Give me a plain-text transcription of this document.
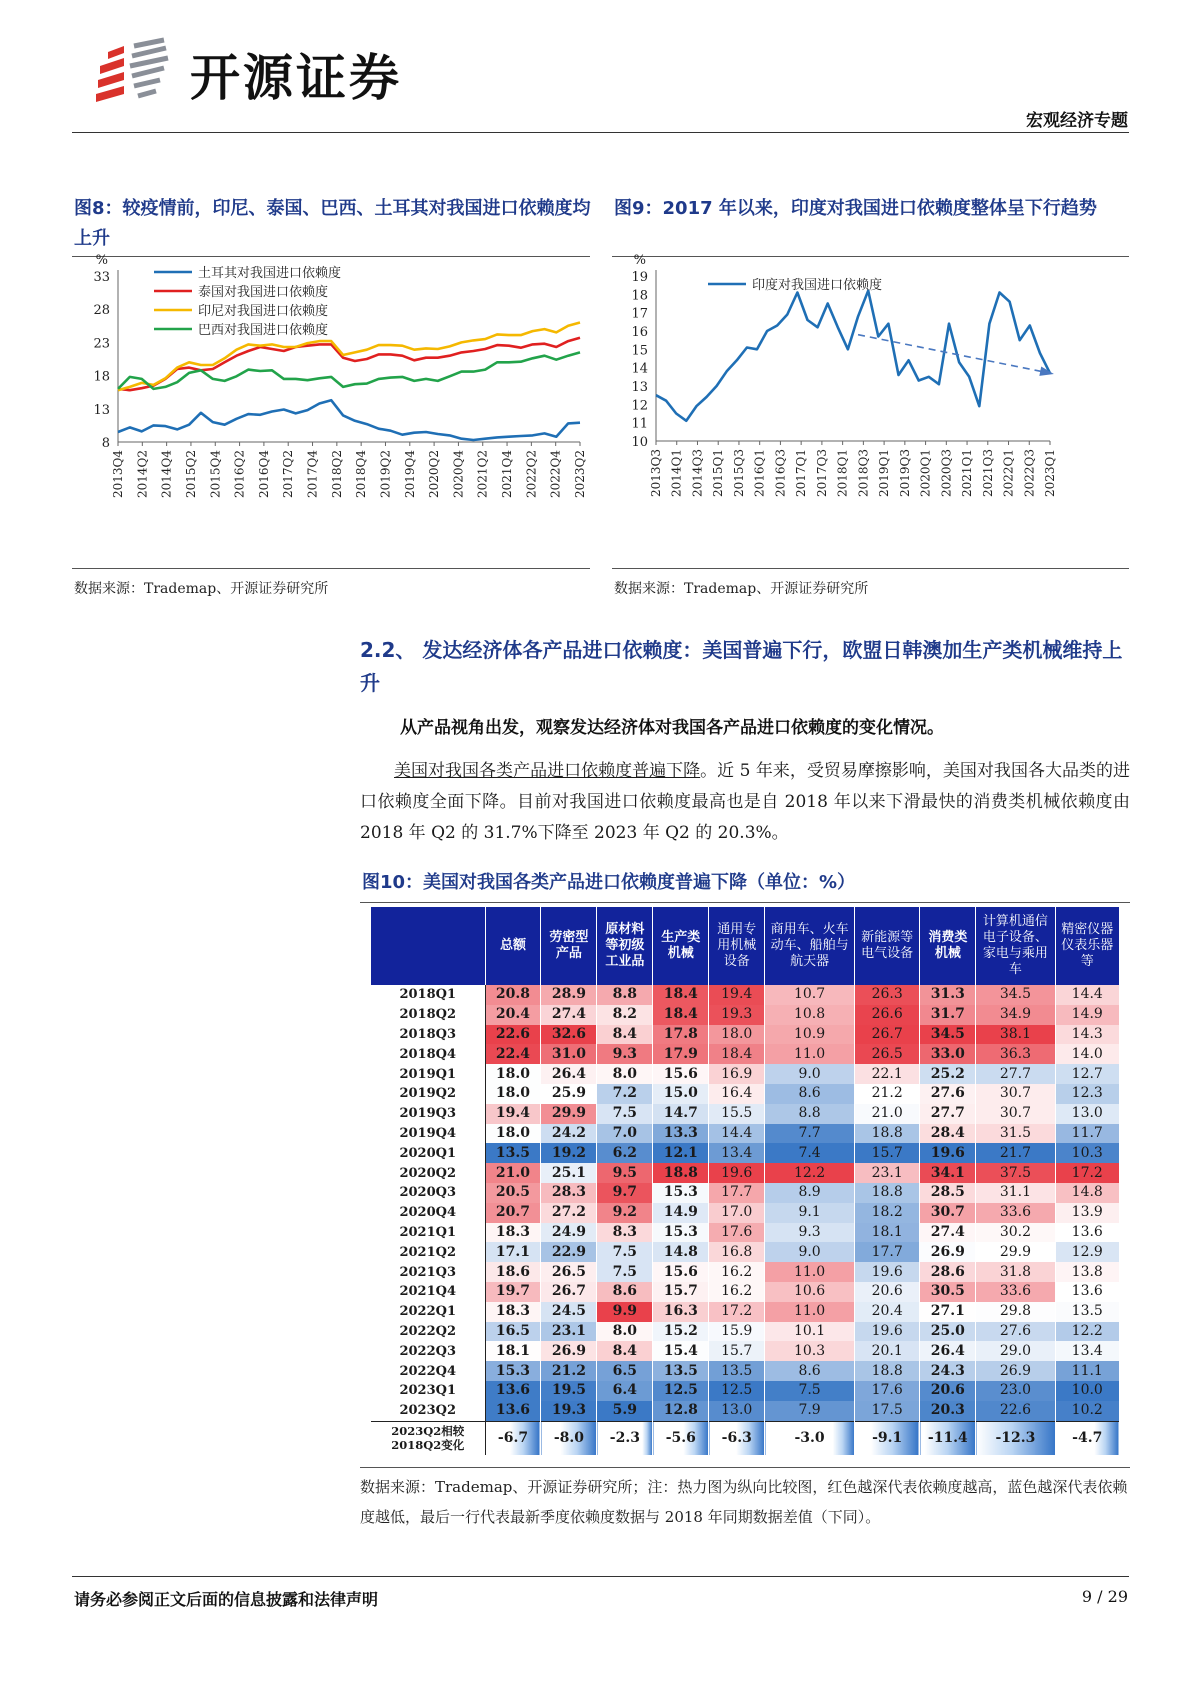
开源证券
宏观经济专题
图8：较疫情前，印尼、泰国、巴西、土耳其对我国进口依赖度均上升
%
8
13
18
23
28
33
2013Q4 2014Q2 2014Q4 2015Q2 2015Q4 2016Q2 2016Q4 2017Q2 2017Q4 2018Q2 2018Q4 2019Q2 2019Q4 2020Q2 2020Q4 2021Q2 2021Q4 2022Q2 2022Q4 2023Q2
土耳其对我国进口依赖度
泰国对我国进口依赖度
印尼对我国进口依赖度
巴西对我国进口依赖度
数据来源：Trademap、开源证券研究所
图9：2017 年以来，印度对我国进口依赖度整体呈下行趋势
%
10
11
12
13
14
15
16
17
18
19
2013Q3 2014Q1 2014Q3 2015Q1 2015Q3 2016Q1 2016Q3 2017Q1 2017Q3 2018Q1 2018Q3 2019Q1 2019Q3 2020Q1 2020Q3 2021Q1 2021Q3 2022Q1 2022Q3 2023Q1
印度对我国进口依赖度
数据来源：Trademap、开源证券研究所
2.2、 发达经济体各产品进口依赖度：美国普遍下行，欧盟日韩澳加生产类机械维持上升
从产品视角出发，观察发达经济体对我国各产品进口依赖度的变化情况。
美国对我国各类产品进口依赖度普遍下降。近 5 年来，受贸易摩擦影响，美国对我国各大品类的进口依赖度全面下降。目前对我国进口依赖度最高也是自 2018 年以来下滑最快的消费类机械依赖度由 2018 年 Q2 的 31.7%下降至 2023 年 Q2 的 20.3%。
图10：美国对我国各类产品进口依赖度普遍下降（单位：%）
	总额	劳密型产品	原材料等初级工业品	生产类机械	通用专用机械设备	商用车、火车动车、船舶与航天器	新能源等电气设备	消费类机械	计算机通信电子设备、家电与乘用车	精密仪器仪表乐器等
2018Q1	20.8	28.9	8.8	18.4	19.4	10.7	26.3	31.3	34.5	14.4
2018Q2	20.4	27.4	8.2	18.4	19.3	10.8	26.6	31.7	34.9	14.9
2018Q3	22.6	32.6	8.4	17.8	18.0	10.9	26.7	34.5	38.1	14.3
2018Q4	22.4	31.0	9.3	17.9	18.4	11.0	26.5	33.0	36.3	14.0
2019Q1	18.0	26.4	8.0	15.6	16.9	9.0	22.1	25.2	27.7	12.7
2019Q2	18.0	25.9	7.2	15.0	16.4	8.6	21.2	27.6	30.7	12.3
2019Q3	19.4	29.9	7.5	14.7	15.5	8.8	21.0	27.7	30.7	13.0
2019Q4	18.0	24.2	7.0	13.3	14.4	7.7	18.8	28.4	31.5	11.7
2020Q1	13.5	19.2	6.2	12.1	13.4	7.4	15.7	19.6	21.7	10.3
2020Q2	21.0	25.1	9.5	18.8	19.6	12.2	23.1	34.1	37.5	17.2
2020Q3	20.5	28.3	9.7	15.3	17.7	8.9	18.8	28.5	31.1	14.8
2020Q4	20.7	27.2	9.2	14.9	17.0	9.1	18.2	30.7	33.6	13.9
2021Q1	18.3	24.9	8.3	15.3	17.6	9.3	18.1	27.4	30.2	13.6
2021Q2	17.1	22.9	7.5	14.8	16.8	9.0	17.7	26.9	29.9	12.9
2021Q3	18.6	26.5	7.5	15.6	16.2	11.0	19.6	28.6	31.8	13.8
2021Q4	19.7	26.7	8.6	15.7	16.2	10.6	20.6	30.5	33.6	13.6
2022Q1	18.3	24.5	9.9	16.3	17.2	11.0	20.4	27.1	29.8	13.5
2022Q2	16.5	23.1	8.0	15.2	15.9	10.1	19.6	25.0	27.6	12.2
2022Q3	18.1	26.9	8.4	15.4	15.7	10.3	20.1	26.4	29.0	13.4
2022Q4	15.3	21.2	6.5	13.5	13.5	8.6	18.8	24.3	26.9	11.1
2023Q1	13.6	19.5	6.4	12.5	12.5	7.5	17.6	20.6	23.0	10.0
2023Q2	13.6	19.3	5.9	12.8	13.0	7.9	17.5	20.3	22.6	10.2
2023Q2相较2018Q2变化	-6.7	-8.0	-2.3	-5.6	-6.3	-3.0	-9.1	-11.4	-12.3	-4.7
数据来源：Trademap、开源证券研究所；注：热力图为纵向比较图，红色越深代表依赖度越高，蓝色越深代表依赖度越低，最后一行代表最新季度依赖度数据与 2018 年同期数据差值（下同）。
请务必参阅正文后面的信息披露和法律声明	9 / 29
